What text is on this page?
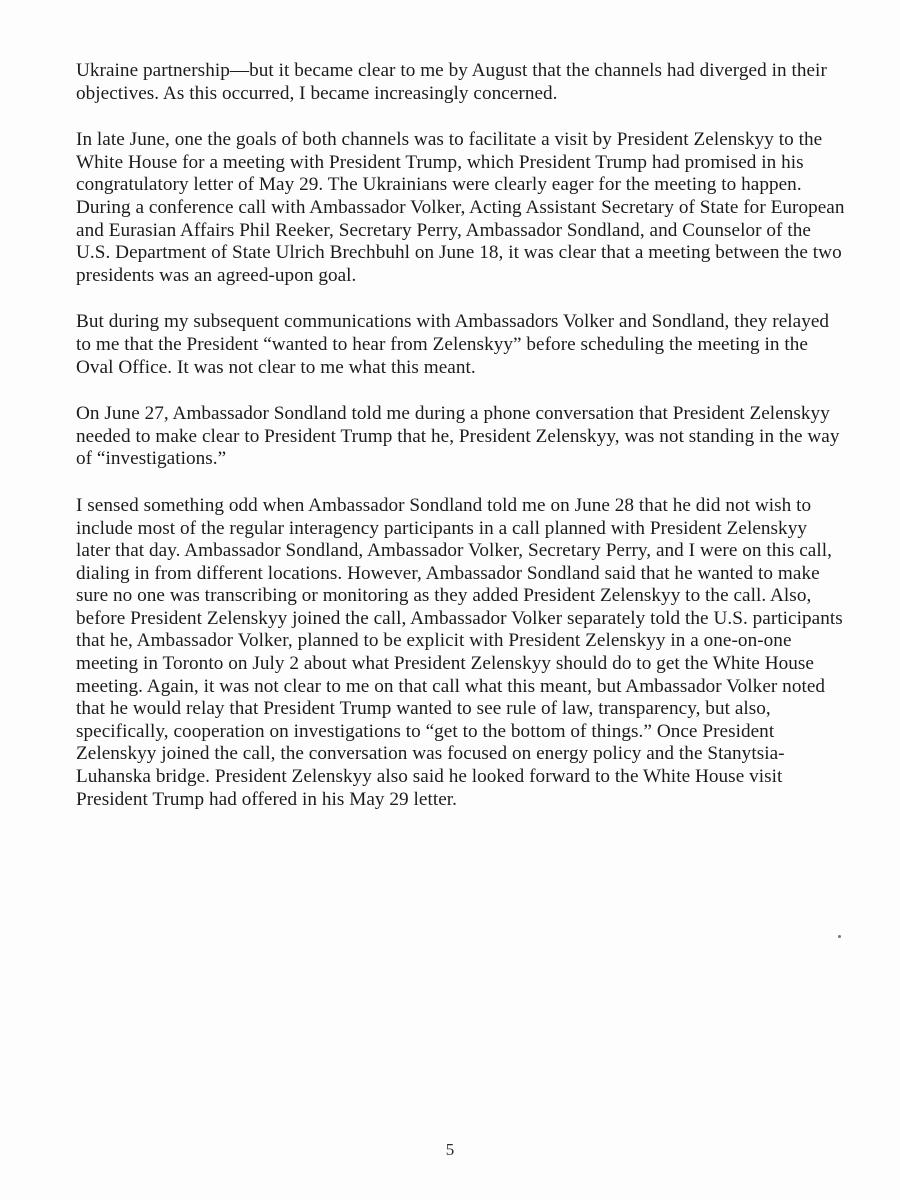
Ukraine partnership—but it became clear to me by August that the channels had diverged in their objectives. As this occurred, I became increasingly concerned.

In late June, one the goals of both channels was to facilitate a visit by President Zelenskyy to the White House for a meeting with President Trump, which President Trump had promised in his congratulatory letter of May 29. The Ukrainians were clearly eager for the meeting to happen. During a conference call with Ambassador Volker, Acting Assistant Secretary of State for European and Eurasian Affairs Phil Reeker, Secretary Perry, Ambassador Sondland, and Counselor of the U.S. Department of State Ulrich Brechbuhl on June 18, it was clear that a meeting between the two presidents was an agreed-upon goal.

But during my subsequent communications with Ambassadors Volker and Sondland, they relayed to me that the President “wanted to hear from Zelenskyy” before scheduling the meeting in the Oval Office. It was not clear to me what this meant.

On June 27, Ambassador Sondland told me during a phone conversation that President Zelenskyy needed to make clear to President Trump that he, President Zelenskyy, was not standing in the way of “investigations.”

I sensed something odd when Ambassador Sondland told me on June 28 that he did not wish to include most of the regular interagency participants in a call planned with President Zelenskyy later that day. Ambassador Sondland, Ambassador Volker, Secretary Perry, and I were on this call, dialing in from different locations. However, Ambassador Sondland said that he wanted to make sure no one was transcribing or monitoring as they added President Zelenskyy to the call. Also, before President Zelenskyy joined the call, Ambassador Volker separately told the U.S. participants that he, Ambassador Volker, planned to be explicit with President Zelenskyy in a one-on-one meeting in Toronto on July 2 about what President Zelenskyy should do to get the White House meeting. Again, it was not clear to me on that call what this meant, but Ambassador Volker noted that he would relay that President Trump wanted to see rule of law, transparency, but also, specifically, cooperation on investigations to “get to the bottom of things.” Once President Zelenskyy joined the call, the conversation was focused on energy policy and the Stanytsia-Luhanska bridge. President Zelenskyy also said he looked forward to the White House visit President Trump had offered in his May 29 letter.

5
